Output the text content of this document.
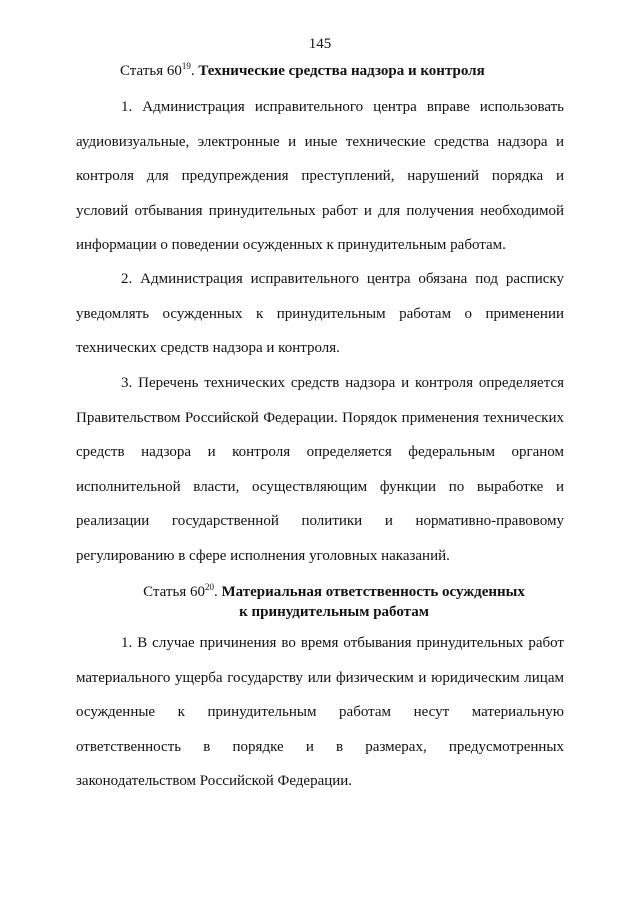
145
Статья $60^{19}$. Технические средства надзора и контроля

1. Администрация исправительного центра вправе использовать аудиовизуальные, электронные и иные технические средства надзора и контроля для предупреждения преступлений, нарушений порядка и условий отбывания принудительных работ и для получения необходимой информации о поведении осужденных к принудительным работам.

2. Администрация исправительного центра обязана под расписку уведомлять осужденных к принудительным работам о применении технических средств надзора и контроля.

3. Перечень технических средств надзора и контроля определяется Правительством Российской Федерации. Порядок применения технических средств надзора и контроля определяется федеральным органом исполнительной власти, осуществляющим функции по выработке и реализации государственной политики и нормативно-правовому регулированию в сфере исполнения уголовных наказаний.

Статья $60^{20}$. Материальная ответственность осужденных
к принудительным работам

1. В случае причинения во время отбывания принудительных работ материального ущерба государству или физическим и юридическим лицам осужденные к принудительным работам несут материальную ответственность в порядке и в размерах, предусмотренных законодательством Российской Федерации.
